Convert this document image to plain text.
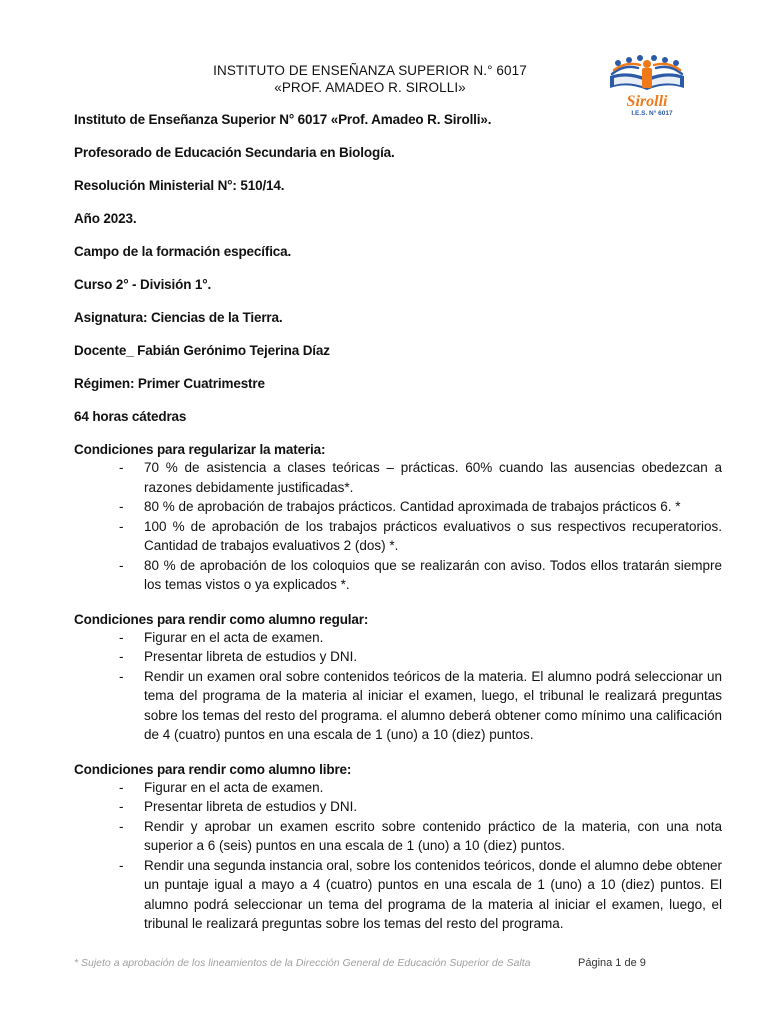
INSTITUTO DE ENSEÑANZA SUPERIOR N.° 6017
«PROF. AMADEO R. SIROLLI»
Sirolli
I.E.S. N° 6017
Instituto de Enseñanza Superior N° 6017 «Prof. Amadeo R. Sirolli».
Profesorado de Educación Secundaria en Biología.
Resolución Ministerial N°: 510/14.
Año 2023.
Campo de la formación específica.
Curso 2° - División 1°.
Asignatura: Ciencias de la Tierra.
Docente_ Fabián Gerónimo Tejerina Díaz
Régimen: Primer Cuatrimestre
64 horas cátedras
Condiciones para regularizar la materia:
- 70 % de asistencia a clases teóricas – prácticas. 60% cuando las ausencias obedezcan a razones debidamente justificadas*.
- 80 % de aprobación de trabajos prácticos. Cantidad aproximada de trabajos prácticos 6. *
- 100 % de aprobación de los trabajos prácticos evaluativos o sus respectivos recuperatorios. Cantidad de trabajos evaluativos 2 (dos) *.
- 80 % de aprobación de los coloquios que se realizarán con aviso. Todos ellos tratarán siempre los temas vistos o ya explicados *.
Condiciones para rendir como alumno regular:
- Figurar en el acta de examen.
- Presentar libreta de estudios y DNI.
- Rendir un examen oral sobre contenidos teóricos de la materia. El alumno podrá seleccionar un tema del programa de la materia al iniciar el examen, luego, el tribunal le realizará preguntas sobre los temas del resto del programa. el alumno deberá obtener como mínimo una calificación de 4 (cuatro) puntos en una escala de 1 (uno) a 10 (diez) puntos.
Condiciones para rendir como alumno libre:
- Figurar en el acta de examen.
- Presentar libreta de estudios y DNI.
- Rendir y aprobar un examen escrito sobre contenido práctico de la materia, con una nota superior a 6 (seis) puntos en una escala de 1 (uno) a 10 (diez) puntos.
- Rendir una segunda instancia oral, sobre los contenidos teóricos, donde el alumno debe obtener un puntaje igual a mayo a 4 (cuatro) puntos en una escala de 1 (uno) a 10 (diez) puntos. El alumno podrá seleccionar un tema del programa de la materia al iniciar el examen, luego, el tribunal le realizará preguntas sobre los temas del resto del programa.
* Sujeto a aprobación de los lineamientos de la Dirección General de Educación Superior de Salta	Página 1 de 9
